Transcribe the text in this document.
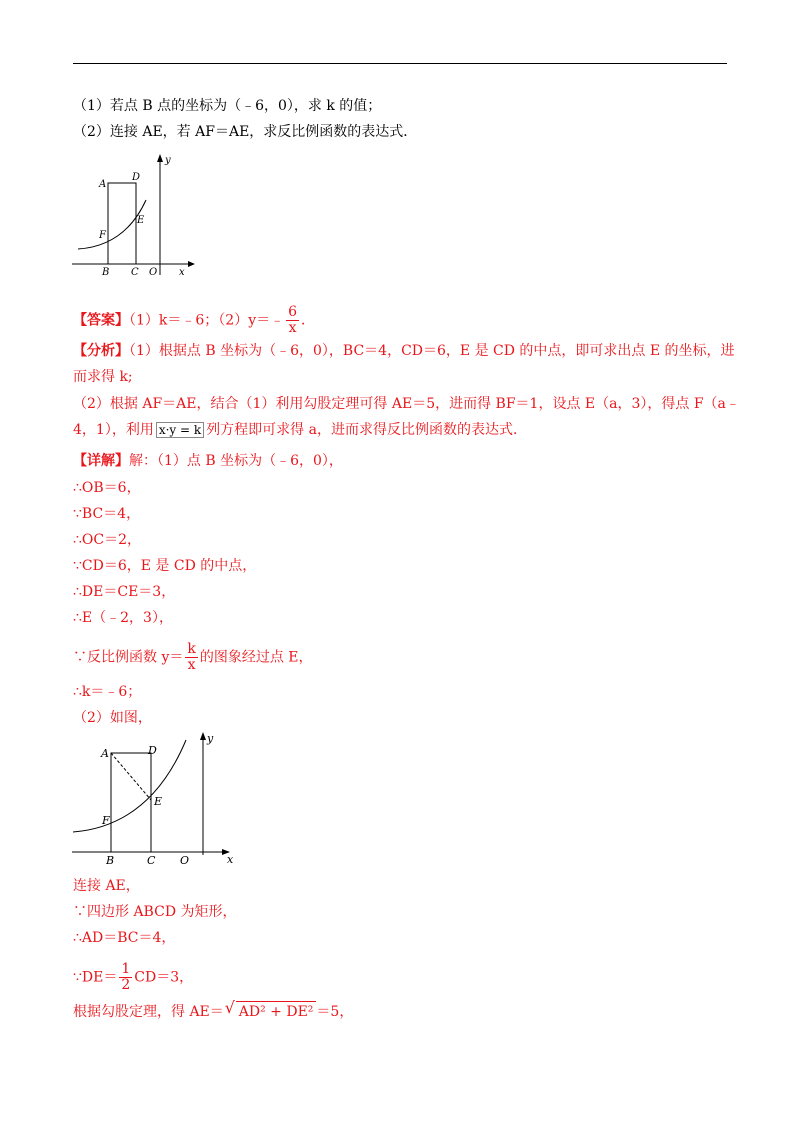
（1）若点 B 点的坐标为（﹣6，0），求 k 的值；
（2）连接 AE，若 AF＝AE，求反比例函数的表达式．
A
D
E
F
B C O x
y
【答案】（1）k＝﹣6；（2）y＝﹣ $\frac{6}{x}$ ．
【分析】（1）根据点 B 坐标为（﹣6，0），BC＝4，CD＝6，E 是 CD 的中点，即可求出点 E 的坐标，进
而求得 k;
（2）根据 AF＝AE，结合（1）利用勾股定理可得 AE＝5，进而得 BF＝1，设点 E（a，3），得点 F（a﹣
4，1），利用 x·y = k 列方程即可求得 a，进而求得反比例函数的表达式．
【详解】解：（1）点 B 坐标为（﹣6，0），
∴OB＝6，
∵BC＝4，
∴OC＝2，
∵CD＝6，E 是 CD 的中点，
∴DE＝CE＝3，
∴E（﹣2，3），
∵反比例函数 $y= \frac{k}{x}$ 的图象经过点 E，
∴k＝﹣6；
（2）如图，
A	D
E
F
B	C O	x
y
连接 AE，
∵四边形 ABCD 为矩形，
∴AD＝BC＝4，
∵DE＝ $\frac{1}{2} CD=3$，
根据勾股定理，得 AE＝√ AD² + DE² ＝5，
